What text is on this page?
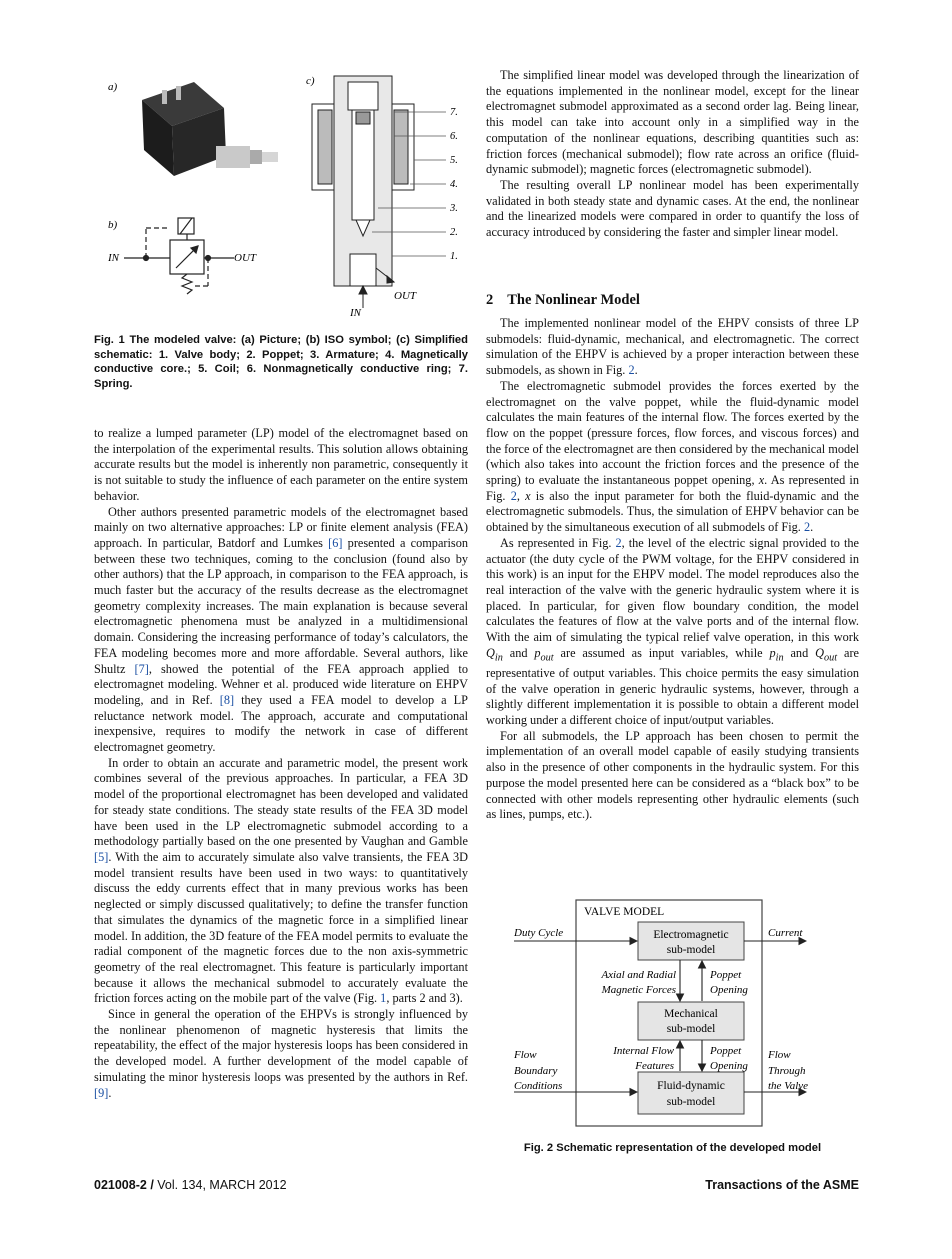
a)
b)
IN	OUT
c)
IN
OUT
7.
6.
5.
4.
3.
2.
1.
Fig. 1 The modeled valve: (a) Picture; (b) ISO symbol; (c) Simplified schematic: 1. Valve body; 2. Poppet; 3. Armature; 4. Magnetically conductive core.; 5. Coil; 6. Nonmagnetically conductive ring; 7. Spring.

to realize a lumped parameter (LP) model of the electromagnet based on the interpolation of the experimental results. This solution allows obtaining accurate results but the model is inherently non parametric, consequently it is not suitable to study the influence of each parameter on the entire system behavior.

Other authors presented parametric models of the electromagnet based mainly on two alternative approaches: LP or finite element analysis (FEA) approach. In particular, Batdorf and Lumkes [6] presented a comparison between these two techniques, coming to the conclusion (found also by other authors) that the LP approach, in comparison to the FEA approach, is much faster but the accuracy of the results decrease as the electromagnet geometry complexity increases. The main explanation is because several electromagnetic phenomena must be analyzed in a multidimensional domain. Considering the increasing performance of today’s calculators, the FEA modeling becomes more and more affordable. Several authors, like Shultz [7], showed the potential of the FEA approach applied to electromagnet modeling. Wehner et al. produced wide literature on EHPV modeling, and in Ref. [8] they used a FEA model to develop a LP reluctance network model. The approach, accurate and computational inexpensive, requires to modify the network in case of different electromagnet geometry.

In order to obtain an accurate and parametric model, the present work combines several of the previous approaches. In particular, a FEA 3D model of the proportional electromagnet has been developed and validated for steady state conditions. The steady state results of the FEA 3D model have been used in the LP electromagnetic submodel according to a methodology partially based on the one presented by Vaughan and Gamble [5]. With the aim to accurately simulate also valve transients, the FEA 3D model transient results have been used in two ways: to quantitatively discuss the eddy currents effect that in many previous works has been neglected or simply discussed qualitatively; to define the transfer function that simulates the dynamics of the magnetic force in a simplified linear model. In addition, the 3D feature of the FEA model permits to evaluate the radial component of the magnetic forces due to the non axis-symmetric geometry of the real electromagnet. This feature is particularly important because it allows the mechanical submodel to accurately evaluate the friction forces acting on the mobile part of the valve (Fig. 1, parts 2 and 3).

Since in general the operation of the EHPVs is strongly influenced by the nonlinear phenomenon of magnetic hysteresis that limits the repeatability, the effect of the major hysteresis loops has been considered in the developed model. A further development of the model capable of simulating the minor hysteresis loops was presented by the authors in Ref. [9].

The simplified linear model was developed through the linearization of the equations implemented in the nonlinear model, except for the linear electromagnet submodel approximated as a second order lag. Being linear, this model can take into account only in a simplified way in the computation of the nonlinear equations, describing quantities such as: friction forces (mechanical submodel); flow rate across an orifice (fluid-dynamic submodel); magnetic forces (electromagnetic submodel).

The resulting overall LP nonlinear model has been experimentally validated in both steady state and dynamic cases. At the end, the nonlinear and the linearized models were compared in order to quantify the loss of accuracy introduced by considering the faster and simpler linear model.

2 The Nonlinear Model

The implemented nonlinear model of the EHPV consists of three LP submodels: fluid-dynamic, mechanical, and electromagnetic. The correct simulation of the EHPV is achieved by a proper interaction between these submodels, as shown in Fig. 2.

The electromagnetic submodel provides the forces exerted by the electromagnet on the valve poppet, while the fluid-dynamic model calculates the main features of the internal flow. The forces exerted by the flow on the poppet (pressure forces, flow forces, and viscous forces) and the force of the electromagnet are then considered by the mechanical model (which also takes into account the friction forces and the presence of the spring) to evaluate the instantaneous poppet opening, x. As represented in Fig. 2, x is also the input parameter for both the fluid-dynamic and the electromagnetic submodels. Thus, the simulation of EHPV behavior can be obtained by the simultaneous execution of all submodels of Fig. 2.

As represented in Fig. 2, the level of the electric signal provided to the actuator (the duty cycle of the PWM voltage, for the EHPV considered in this work) is an input for the EHPV model. The model reproduces also the real interaction of the valve with the generic hydraulic system where it is placed. In particular, for given flow boundary condition, the model calculates the features of flow at the valve ports and of the internal flow. With the aim of simulating the typical relief valve operation, in this work $Q_{in}$ and $p_{out}$ are assumed as input variables, while $p_{in}$ and $Q_{out}$ are representative of output variables. This choice permits the easy simulation of the valve operation in generic hydraulic systems, however, through a slightly different implementation it is possible to obtain a different model working under a different choice of input/output variables.

For all submodels, the LP approach has been chosen to permit the implementation of an overall model capable of easily studying transients also in the presence of other components in the hydraulic system. For this purpose the model presented here can be considered as a “black box” to be connected with other models representing other hydraulic elements (such as lines, pumps, etc.).

VALVE MODEL
Electromagnetic
sub-model
Mechanical
sub-model
Fluid-dynamic
sub-model
Duty Cycle	Current
Axial and Radial
Magnetic Forces
Poppet
Opening
Internal Flow
Features
Poppet
Opening
Flow
Boundary
Conditions
Flow
Through
the Valve
Fig. 2 Schematic representation of the developed model
021008-2 / Vol. 134, MARCH 2012	Transactions of the ASME
